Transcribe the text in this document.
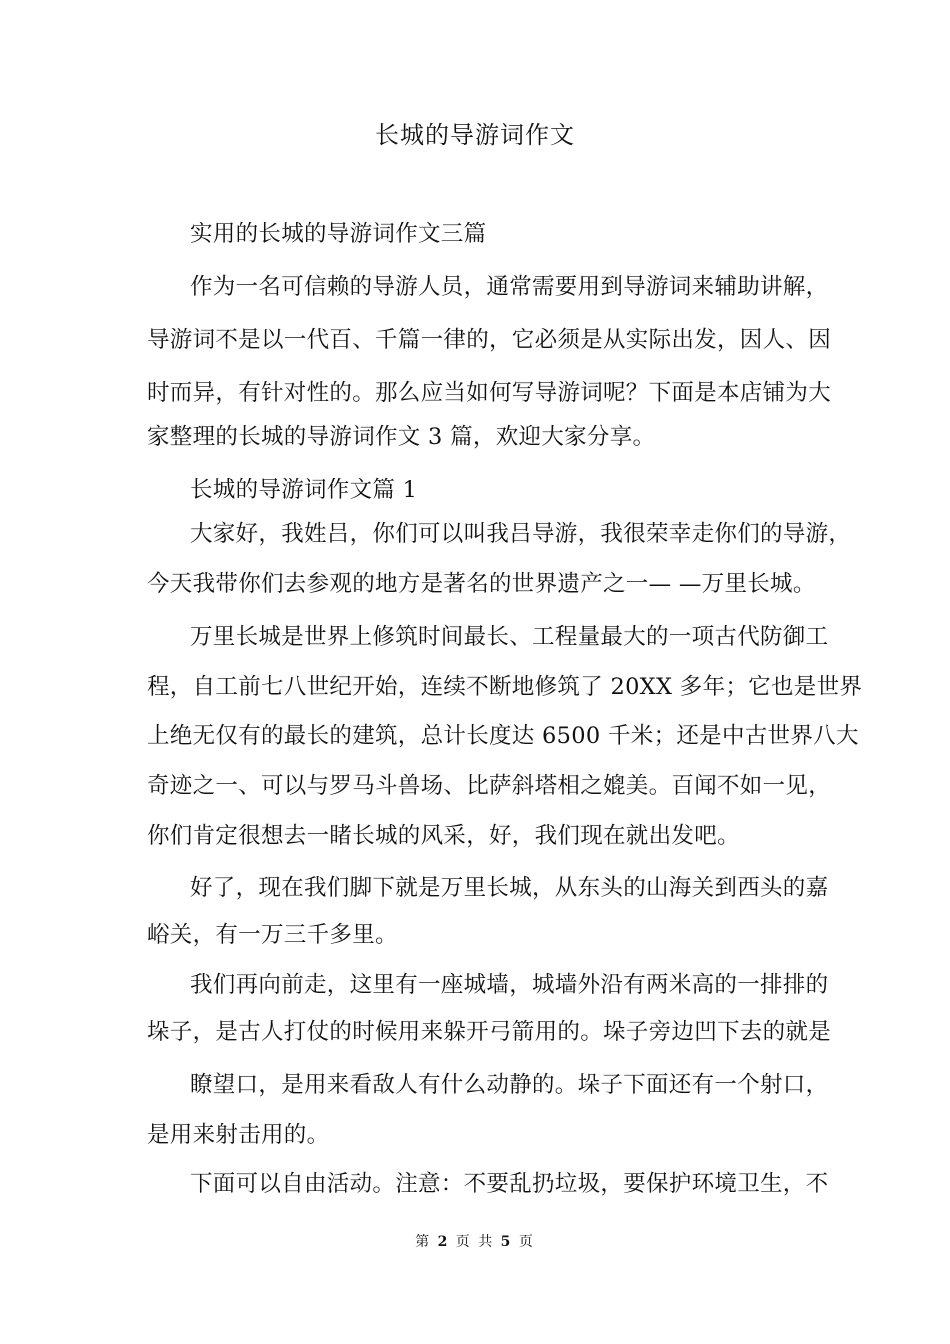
长城的导游词作文
实用的长城的导游词作文三篇
作为一名可信赖的导游人员，通常需要用到导游词来辅助讲解，
导游词不是以一代百、千篇一律的，它必须是从实际出发，因人、因
时而异，有针对性的。那么应当如何写导游词呢？下面是本店铺为大
家整理的长城的导游词作文 3 篇，欢迎大家分享。
长城的导游词作文篇 1
大家好，我姓吕，你们可以叫我吕导游，我很荣幸走你们的导游，
今天我带你们去参观的地方是著名的世界遗产之一— —万里长城。
万里长城是世界上修筑时间最长、工程量最大的一项古代防御工
程，自工前七八世纪开始，连续不断地修筑了 20XX 多年；它也是世界
上绝无仅有的最长的建筑，总计长度达 6500 千米；还是中古世界八大
奇迹之一、可以与罗马斗兽场、比萨斜塔相之媲美。百闻不如一见，
你们肯定很想去一睹长城的风采，好，我们现在就出发吧。
好了，现在我们脚下就是万里长城，从东头的山海关到西头的嘉
峪关，有一万三千多里。
我们再向前走，这里有一座城墙，城墙外沿有两米高的一排排的
垛子，是古人打仗的时候用来躲开弓箭用的。垛子旁边凹下去的就是
瞭望口，是用来看敌人有什么动静的。垛子下面还有一个射口，
是用来射击用的。
下面可以自由活动。注意：不要乱扔垃圾，要保护环境卫生，不
第 2 页 共 5 页
